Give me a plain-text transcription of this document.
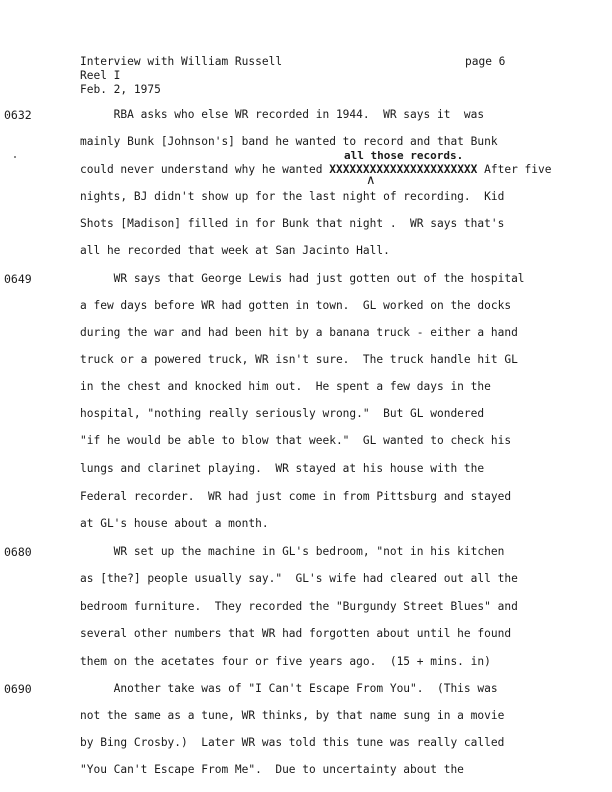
Interview with William Russell
Reel I
Feb. 2, 1975
page 6
0632	RBA asks who else WR recorded in 1944.  WR says it  was
mainly Bunk [Johnson's] band he wanted to record and that Bunk
all those records.
could never understand why he wanted XXXXXXXXXXXXXXXXXXXXXX After five
∧
nights, BJ didn't show up for the last night of recording.  Kid
Shots [Madison] filled in for Bunk that night .  WR says that's
all he recorded that week at San Jacinto Hall.
0649	WR says that George Lewis had just gotten out of the hospital
a few days before WR had gotten in town.  GL worked on the docks
during the war and had been hit by a banana truck - either a hand
truck or a powered truck, WR isn't sure.  The truck handle hit GL
in the chest and knocked him out.  He spent a few days in the
hospital, "nothing really seriously wrong."  But GL wondered
"if he would be able to blow that week."  GL wanted to check his
lungs and clarinet playing.  WR stayed at his house with the
Federal recorder.  WR had just come in from Pittsburg and stayed
at GL's house about a month.
0680	WR set up the machine in GL's bedroom, "not in his kitchen
as [the?] people usually say."  GL's wife had cleared out all the
bedroom furniture.  They recorded the "Burgundy Street Blues" and
several other numbers that WR had forgotten about until he found
them on the acetates four or five years ago.  (15 + mins. in)
0690	Another take was of "I Can't Escape From You".  (This was
not the same as a tune, WR thinks, by that name sung in a movie
by Bing Crosby.)  Later WR was told this tune was really called
"You Can't Escape From Me".  Due to uncertainty about the
